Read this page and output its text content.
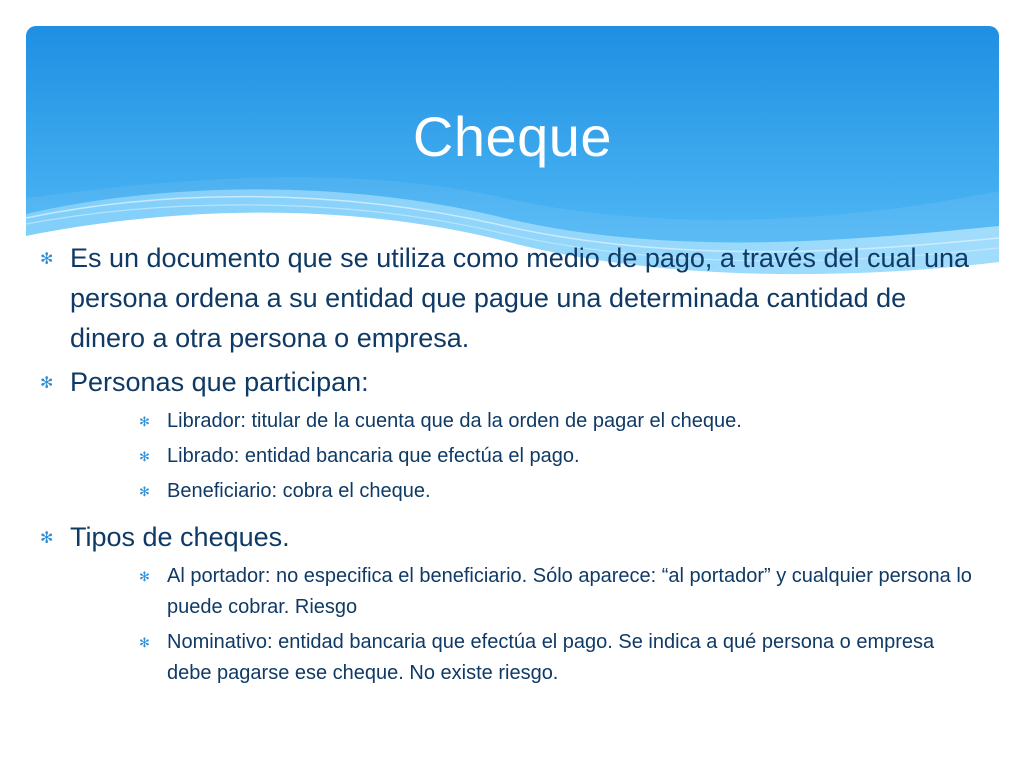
Cheque
✻ Es un documento que se utiliza como medio de pago, a través del cual una persona ordena a su entidad que pague una determinada cantidad de dinero a otra persona o empresa.
✻ Personas que participan:
✻ Librador: titular de la cuenta que da la orden de pagar el cheque.
✻ Librado: entidad bancaria que efectúa el pago.
✻ Beneficiario: cobra el cheque.
✻ Tipos de cheques.
✻ Al portador: no especifica el beneficiario. Sólo aparece: “al portador” y cualquier persona lo puede cobrar. Riesgo
✻ Nominativo: entidad bancaria que efectúa el pago. Se indica a qué persona o empresa debe pagarse ese cheque. No existe riesgo.
